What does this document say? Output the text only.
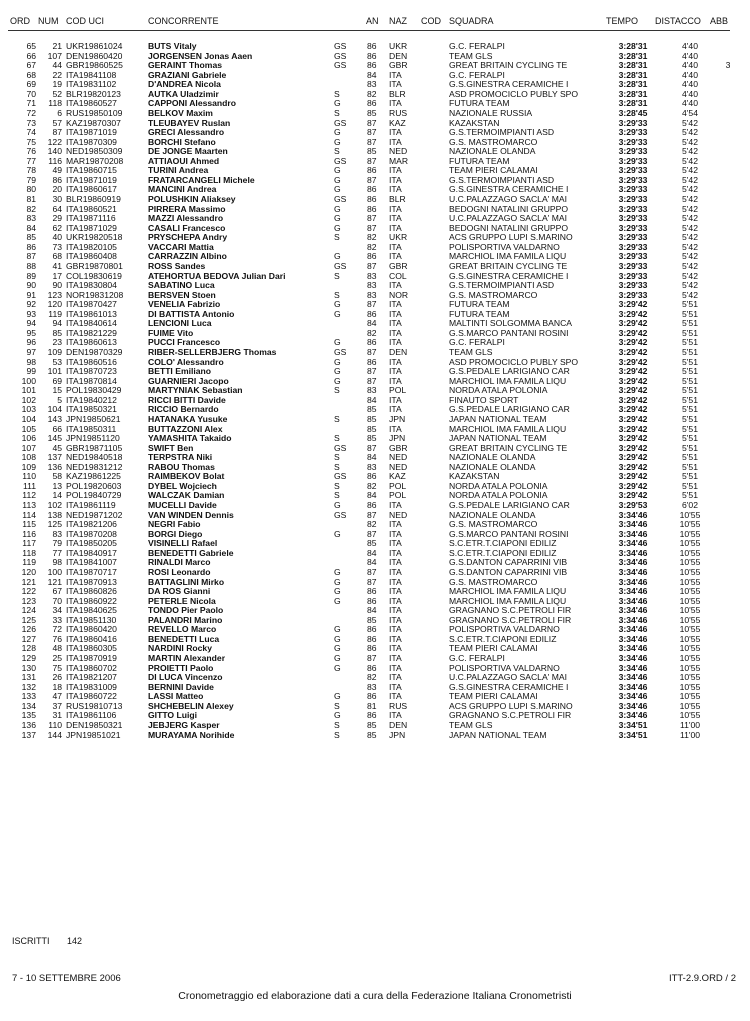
ORD NUM COD UCI	CONCORRENTE	AN NAZ COD SQUADRA	TEMPO DISTACCO ABB
65	21 UKR19861024	BUTS Vitaly	GS 86 UKR	G.C. FERALPI	3:28'31	4'40
66	107 DEN19860420	JORGENSEN Jonas Aaen	GS 86 DEN	TEAM GLS	3:28'31	4'40
67	44 GBR19860525	GERAINT Thomas	GS 86 GBR	GREAT BRITAIN CYCLING TE	3:28'31	4'40	3
68	22 ITA19841108	GRAZIANI Gabriele	84 ITA	G.C. FERALPI	3:28'31	4'40
69	19 ITA19831102	D'ANDREA Nicola	83 ITA	G.S.GINESTRA CERAMICHE I	3:28'31	4'40
70	52 BLR19820123	AUTKA Uladzimir	S	82 BLR	ASD PROMOCICLO PUBLY SPO	3:28'31	4'40
71	118 ITA19860527	CAPPONI Alessandro	G	86 ITA	FUTURA TEAM	3:28'31	4'40
72	6 RUS19850109	BELKOV Maxim	S	85 RUS	NAZIONALE RUSSIA	3:28'45	4'54
73	57 KAZ19870307	TLEUBAYEV Ruslan	GS 87 KAZ	KAZAKSTAN	3:29'33	5'42
74	87 ITA19871019	GRECI Alessandro	G	87 ITA	G.S.TERMOIMPIANTI ASD	3:29'33	5'42
75	122 ITA19870309	BORCHI Stefano	G	87 ITA	G.S. MASTROMARCO	3:29'33	5'42
76	140 NED19850309	DE JONGE Maarten	S	85 NED	NAZIONALE OLANDA	3:29'33	5'42
77	116 MAR19870208	ATTIAOUI Ahmed	GS 87 MAR	FUTURA TEAM	3:29'33	5'42
78	49 ITA19860715	TURINI Andrea	G	86 ITA	TEAM PIERI CALAMAI	3:29'33	5'42
79	86 ITA19871019	FRATARCANGELI Michele	G	87 ITA	G.S.TERMOIMPIANTI ASD	3:29'33	5'42
80	20 ITA19860617	MANCINI Andrea	G	86 ITA	G.S.GINESTRA CERAMICHE I	3:29'33	5'42
81	30 BLR19860919	POLUSHKIN Aliaksey	GS 86 BLR	U.C.PALAZZAGO SACLA' MAI	3:29'33	5'42
82	64 ITA19860521	PIRRERA Massimo	G	86 ITA	BEDOGNI NATALINI GRUPPO	3:29'33	5'42
83	29 ITA19871116	MAZZI Alessandro	G	87 ITA	U.C.PALAZZAGO SACLA' MAI	3:29'33	5'42
84	62 ITA19871029	CASALI Francesco	G	87 ITA	BEDOGNI NATALINI GRUPPO	3:29'33	5'42
85	40 UKR19820518	PRYSCHEPA Andry	S	82 UKR	ACS GRUPPO LUPI S.MARINO	3:29'33	5'42
86	73 ITA19820105	VACCARI Mattia	82 ITA	POLISPORTIVA VALDARNO	3:29'33	5'42
87	68 ITA19860408	CARRAZZIN Albino	G	86 ITA	MARCHIOL IMA FAMILA LIQU	3:29'33	5'42
88	41 GBR19870801	ROSS Sandes	GS 87 GBR	GREAT BRITAIN CYCLING TE	3:29'33	5'42
89	17 COL19830619	ATEHORTUA BEDOVA Julian Dari	S	83 COL	G.S.GINESTRA CERAMICHE I	3:29'33	5'42
90	90 ITA19830804	SABATINO Luca	83 ITA	G.S.TERMOIMPIANTI ASD	3:29'33	5'42
91	123 NOR19831208	BERSVEN Stoen	S	83 NOR	G.S. MASTROMARCO	3:29'33	5'42
92	120 ITA19870427	VENELIA Fabrizio	G	87 ITA	FUTURA TEAM	3:29'42	5'51
93	119 ITA19861013	DI BATTISTA Antonio	G	86 ITA	FUTURA TEAM	3:29'42	5'51
94	94 ITA19840614	LENCIONI Luca	84 ITA	MALTINTI SOLGOMMA BANCA	3:29'42	5'51
95	85 ITA19821229	FUIME Vito	82 ITA	G.S.MARCO PANTANI ROSINI	3:29'42	5'51
96	23 ITA19860613	PUCCI Francesco	G	86 ITA	G.C. FERALPI	3:29'42	5'51
97	109 DEN19870329	RIBER-SELLERBJERG Thomas	GS 87 DEN	TEAM GLS	3:29'42	5'51
98	53 ITA19860516	COLO' Alessandro	G	86 ITA	ASD PROMOCICLO PUBLY SPO	3:29'42	5'51
99	101 ITA19870723	BETTI Emiliano	G	87 ITA	G.S.PEDALE LARIGIANO CAR	3:29'42	5'51
100	69 ITA19870814	GUARNIERI Jacopo	G	87 ITA	MARCHIOL IMA FAMILA LIQU	3:29'42	5'51
101	15 POL19830429	MARTYNIAK Sebastian	S	83 POL	NORDA ATALA POLONIA	3:29'42	5'51
102	5 ITA19840212	RICCI BITTI Davide	84 ITA	FINAUTO SPORT	3:29'42	5'51
103	104 ITA19850321	RICCIO Bernardo	85 ITA	G.S.PEDALE LARIGIANO CAR	3:29'42	5'51
104	143 JPN19850621	HATANAKA Yusuke	S	85 JPN	JAPAN NATIONAL TEAM	3:29'42	5'51
105	66 ITA19850311	BUTTAZZONI Alex	85 ITA	MARCHIOL IMA FAMILA LIQU	3:29'42	5'51
106	145 JPN19851120	YAMASHITA Takaido	S	85 JPN	JAPAN NATIONAL TEAM	3:29'42	5'51
107	45 GBR19871105	SWIFT Ben	GS 87 GBR	GREAT BRITAIN CYCLING TE	3:29'42	5'51
108	137 NED19840518	TERPSTRA Niki	S	84 NED	NAZIONALE OLANDA	3:29'42	5'51
109	136 NED19831212	RABOU Thomas	S	83 NED	NAZIONALE OLANDA	3:29'42	5'51
110	58 KAZ19861225	RAIMBEKOV Bolat	GS 86 KAZ	KAZAKSTAN	3:29'42	5'51
111	13 POL19820603	DYBEL Wojciech	S	82 POL	NORDA ATALA POLONIA	3:29'42	5'51
112	14 POL19840729	WALCZAK Damian	S	84 POL	NORDA ATALA POLONIA	3:29'42	5'51
113	102 ITA19861119	MUCELLI Davide	G	86 ITA	G.S.PEDALE LARIGIANO CAR	3:29'53	6'02
114	138 NED19871202	VAN WINDEN Dennis	GS 87 NED	NAZIONALE OLANDA	3:34'46	10'55
115	125 ITA19821206	NEGRI Fabio	82 ITA	G.S. MASTROMARCO	3:34'46	10'55
116	83 ITA19870208	BORGI Diego	G	87 ITA	G.S.MARCO PANTANI ROSINI	3:34'46	10'55
117	79 ITA19850205	VISINELLI Rafael	85 ITA	S.C.ETR.T.CIAPONI EDILIZ	3:34'46	10'55
118	77 ITA19840917	BENEDETTI Gabriele	84 ITA	S.C.ETR.T.CIAPONI EDILIZ	3:34'46	10'55
119	98 ITA19841007	RINALDI Marco	84 ITA	G.S.DANTON CAPARRINI VIB	3:34'46	10'55
120	100 ITA19870717	ROSI Leonardo	G	87 ITA	G.S.DANTON CAPARRINI VIB	3:34'46	10'55
121	121 ITA19870913	BATTAGLINI Mirko	G	87 ITA	G.S. MASTROMARCO	3:34'46	10'55
122	67 ITA19860826	DA ROS Gianni	G	86 ITA	MARCHIOL IMA FAMILA LIQU	3:34'46	10'55
123	70 ITA19860922	PETERLE Nicola	G	86 ITA	MARCHIOL IMA FAMILA LIQU	3:34'46	10'55
124	34 ITA19840625	TONDO Pier Paolo	84 ITA	GRAGNANO S.C.PETROLI FIR	3:34'46	10'55
125	33 ITA19851130	PALANDRI Marino	85 ITA	GRAGNANO S.C.PETROLI FIR	3:34'46	10'55
126	72 ITA19860420	REVELLO Marco	G	86 ITA	POLISPORTIVA VALDARNO	3:34'46	10'55
127	76 ITA19860416	BENEDETTI Luca	G	86 ITA	S.C.ETR.T.CIAPONI EDILIZ	3:34'46	10'55
128	48 ITA19860305	NARDINI Rocky	G	86 ITA	TEAM PIERI CALAMAI	3:34'46	10'55
129	25 ITA19870919	MARTIN Alexander	G	87 ITA	G.C. FERALPI	3:34'46	10'55
130	75 ITA19860702	PROIETTI Paolo	G	86 ITA	POLISPORTIVA VALDARNO	3:34'46	10'55
131	26 ITA19821207	DI LUCA Vincenzo	82 ITA	U.C.PALAZZAGO SACLA' MAI	3:34'46	10'55
132	18 ITA19831009	BERNINI Davide	83 ITA	G.S.GINESTRA CERAMICHE I	3:34'46	10'55
133	47 ITA19860722	LASSI Matteo	G	86 ITA	TEAM PIERI CALAMAI	3:34'46	10'55
134	37 RUS19810713	SHCHEBELIN Alexey	S	81 RUS	ACS GRUPPO LUPI S.MARINO	3:34'46	10'55
135	31 ITA19861106	GITTO Luigi	G	86 ITA	GRAGNANO S.C.PETROLI FIR	3:34'46	10'55
136	110 DEN19850321	JEBJERG Kasper	S	85 DEN	TEAM GLS	3:34'51	11'00
137	144 JPN19851021	MURAYAMA Norihide	S	85 JPN	JAPAN NATIONAL TEAM	3:34'51	11'00
ISCRITTI 142
7 - 10 SETTEMBRE 2006	ITT-2.9.ORD / 2
Cronometraggio ed elaborazione dati a cura della Federazione Italiana Cronometristi
